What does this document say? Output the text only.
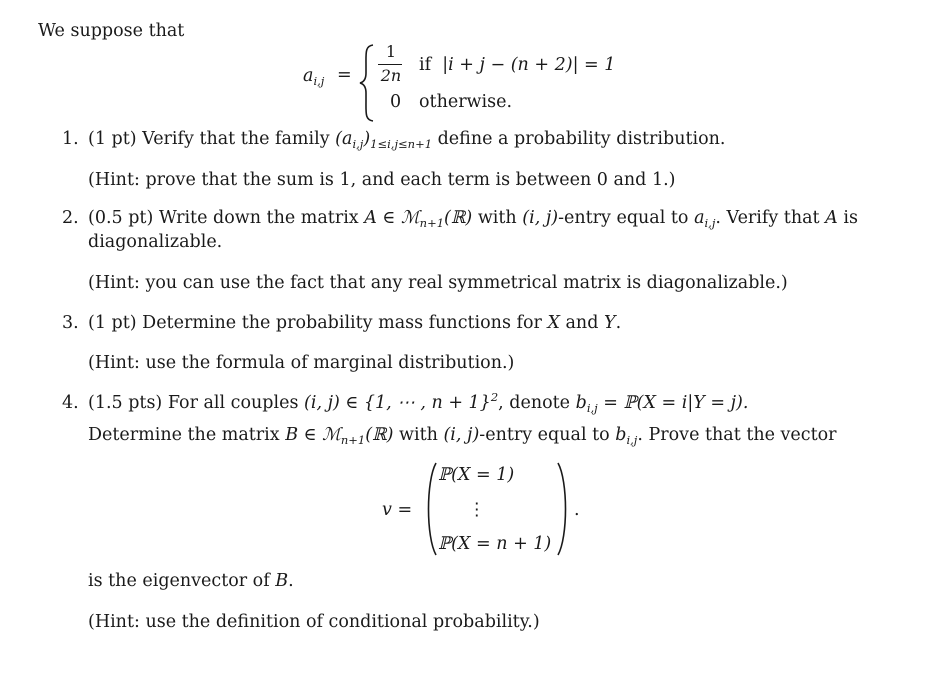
We suppose that
$a_{i,j}$ =
1
2n
if |i + j − (n + 2)| = 1
0 otherwise.
1. (1 pt) Verify that the family $(a_{i,j})_{1\le i,j\le n+1}$ define a probability distribution.
(Hint: prove that the sum is 1, and each term is between 0 and 1.)
2. (0.5 pt) Write down the matrix A ∈ ℳ$_{n+1}$(ℝ) with (i, j)-entry equal to $a_{i,j}$. Verify that A is
diagonalizable.
(Hint: you can use the fact that any real symmetrical matrix is diagonalizable.)
3. (1 pt) Determine the probability mass functions for X and Y.
(Hint: use the formula of marginal distribution.)
4. (1.5 pts) For all couples (i, j) ∈ {1, ⋯ , n + 1}$^2$, denote $b_{i,j}$ = ℙ(X = i|Y = j).
Determine the matrix B ∈ ℳ$_{n+1}$(ℝ) with (i, j)-entry equal to $b_{i,j}$. Prove that the vector
v =
ℙ(X = 1)
⋮
ℙ(X = n + 1)
.
is the eigenvector of B.
(Hint: use the definition of conditional probability.)
